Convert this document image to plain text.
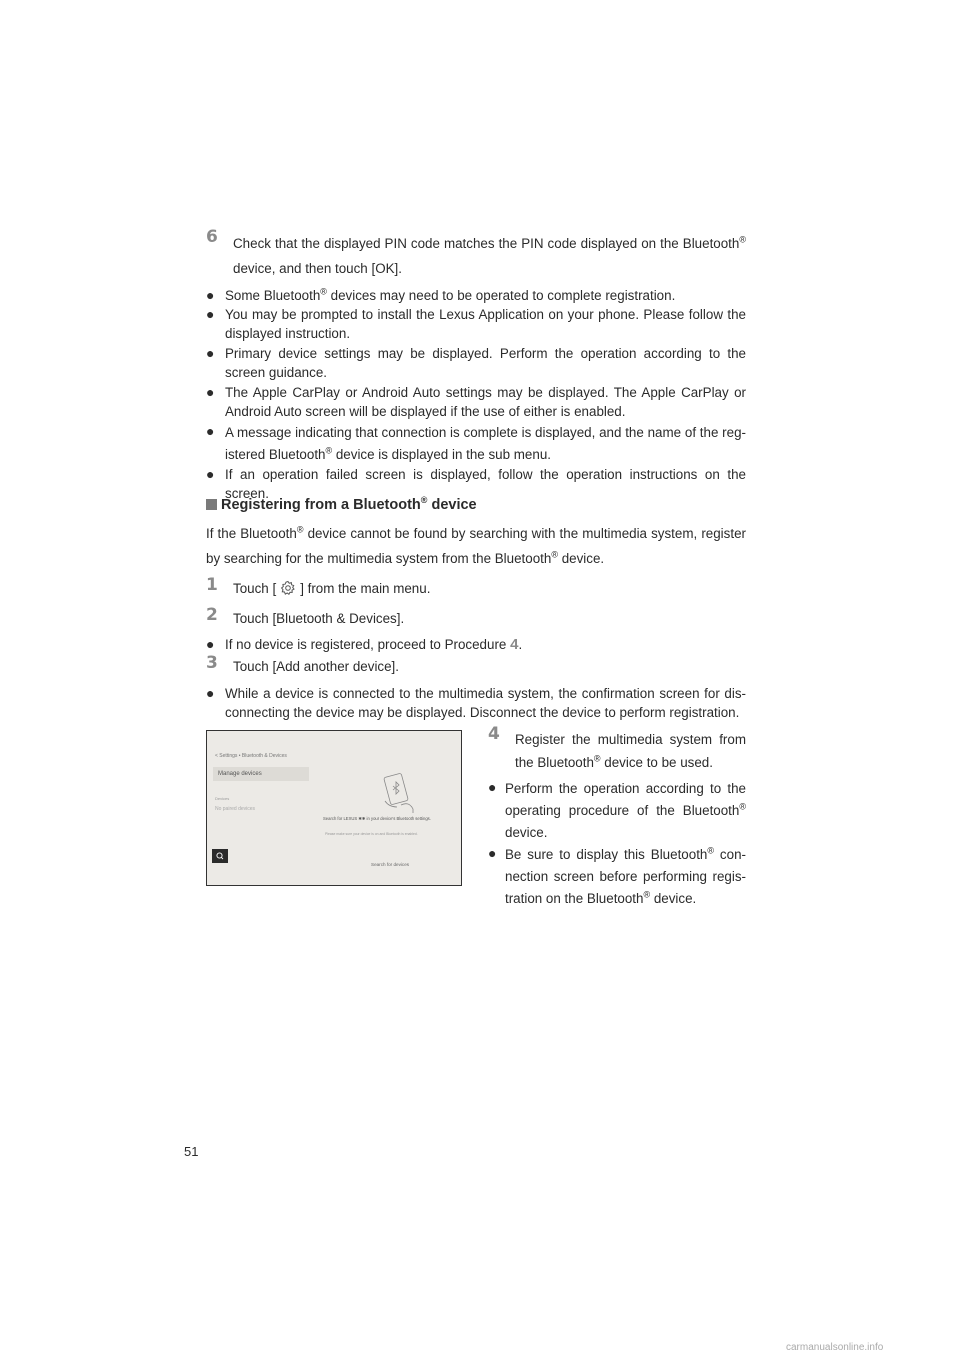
6 Check that the displayed PIN code matches the PIN code displayed on the Bluetooth® device, and then touch [OK].
● Some Bluetooth® devices may need to be operated to complete registration.
● You may be prompted to install the Lexus Application on your phone. Please follow the displayed instruction.
● Primary device settings may be displayed. Perform the operation according to the screen guidance.
● The Apple CarPlay or Android Auto settings may be displayed. The Apple CarPlay or Android Auto screen will be displayed if the use of either is enabled.
● A message indicating that connection is complete is displayed, and the name of the reg-istered Bluetooth® device is displayed in the sub menu.
● If an operation failed screen is displayed, follow the operation instructions on the screen.
Registering from a Bluetooth® device
If the Bluetooth® device cannot be found by searching with the multimedia system, register by searching for the multimedia system from the Bluetooth® device.
1 Touch [ ] from the main menu.
2 Touch [Bluetooth & Devices].
● If no device is registered, proceed to Procedure 4.
3 Touch [Add another device].
● While a device is connected to the multimedia system, the confirmation screen for dis-connecting the device may be displayed. Disconnect the device to perform registration.
< Settings • Bluetooth & Devices
Manage devices
Devices
No paired devices
Search for LEXUS ✱✱ in your device's Bluetooth settings.
Please make sure your device is on and Bluetooth is enabled.
Search for devices
4 Register the multimedia system from the Bluetooth® device to be used.
● Perform the operation according to the operating procedure of the Bluetooth® device.
● Be sure to display this Bluetooth® con-nection screen before performing regis-tration on the Bluetooth® device.
51
carmanualsonline.info
